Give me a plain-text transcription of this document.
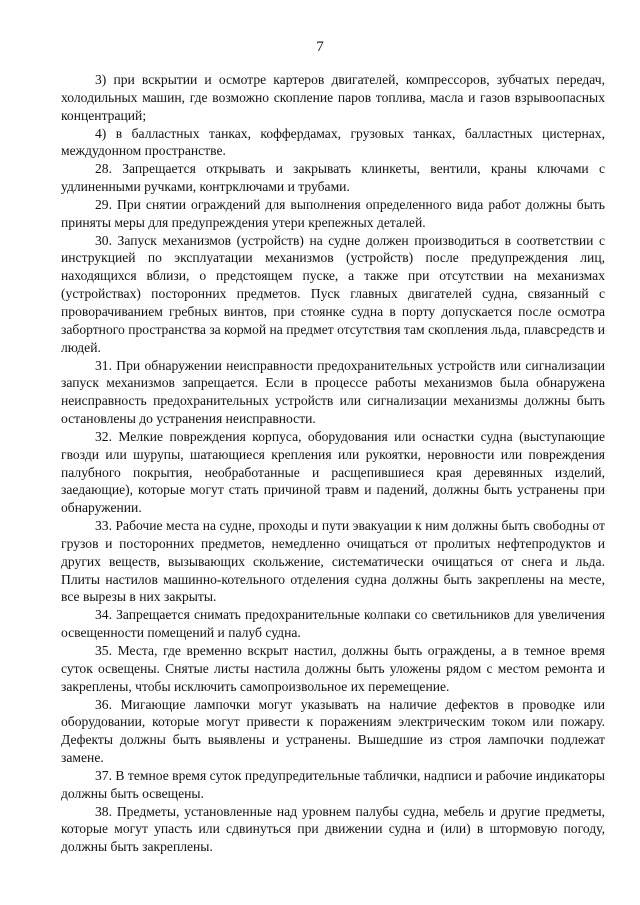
7

3) при вскрытии и осмотре картеров двигателей, компрессоров, зубчатых передач, холодильных машин, где возможно скопление паров топлива, масла и газов взрывоопасных концентраций;

4) в балластных танках, коффердамах, грузовых танках, балластных цистернах, междудонном пространстве.

28. Запрещается открывать и закрывать клинкеты, вентили, краны ключами с удлиненными ручками, контрключами и трубами.

29. При снятии ограждений для выполнения определенного вида работ должны быть приняты меры для предупреждения утери крепежных деталей.

30. Запуск механизмов (устройств) на судне должен производиться в соответствии с инструкцией по эксплуатации механизмов (устройств) после предупреждения лиц, находящихся вблизи, о предстоящем пуске, а также при отсутствии на механизмах (устройствах) посторонних предметов. Пуск главных двигателей судна, связанный с проворачиванием гребных винтов, при стоянке судна в порту допускается после осмотра забортного пространства за кормой на предмет отсутствия там скопления льда, плавсредств и людей.

31. При обнаружении неисправности предохранительных устройств или сигнализации запуск механизмов запрещается. Если в процессе работы механизмов была обнаружена неисправность предохранительных устройств или сигнализации механизмы должны быть остановлены до устранения неисправности.

32. Мелкие повреждения корпуса, оборудования или оснастки судна (выступающие гвозди или шурупы, шатающиеся крепления или рукоятки, неровности или повреждения палубного покрытия, необработанные и расщепившиеся края деревянных изделий, заедающие), которые могут стать причиной травм и падений, должны быть устранены при обнаружении.

33. Рабочие места на судне, проходы и пути эвакуации к ним должны быть свободны от грузов и посторонних предметов, немедленно очищаться от пролитых нефтепродуктов и других веществ, вызывающих скольжение, систематически очищаться от снега и льда. Плиты настилов машинно-котельного отделения судна должны быть закреплены на месте, все вырезы в них закрыты.

34. Запрещается снимать предохранительные колпаки со светильников для увеличения освещенности помещений и палуб судна.

35. Места, где временно вскрыт настил, должны быть ограждены, а в темное время суток освещены. Снятые листы настила должны быть уложены рядом с местом ремонта и закреплены, чтобы исключить самопроизвольное их перемещение.

36. Мигающие лампочки могут указывать на наличие дефектов в проводке или оборудовании, которые могут привести к поражениям электрическим током или пожару. Дефекты должны быть выявлены и устранены. Вышедшие из строя лампочки подлежат замене.

37. В темное время суток предупредительные таблички, надписи и рабочие индикаторы должны быть освещены.

38. Предметы, установленные над уровнем палубы судна, мебель и другие предметы, которые могут упасть или сдвинуться при движении судна и (или) в штормовую погоду, должны быть закреплены.
